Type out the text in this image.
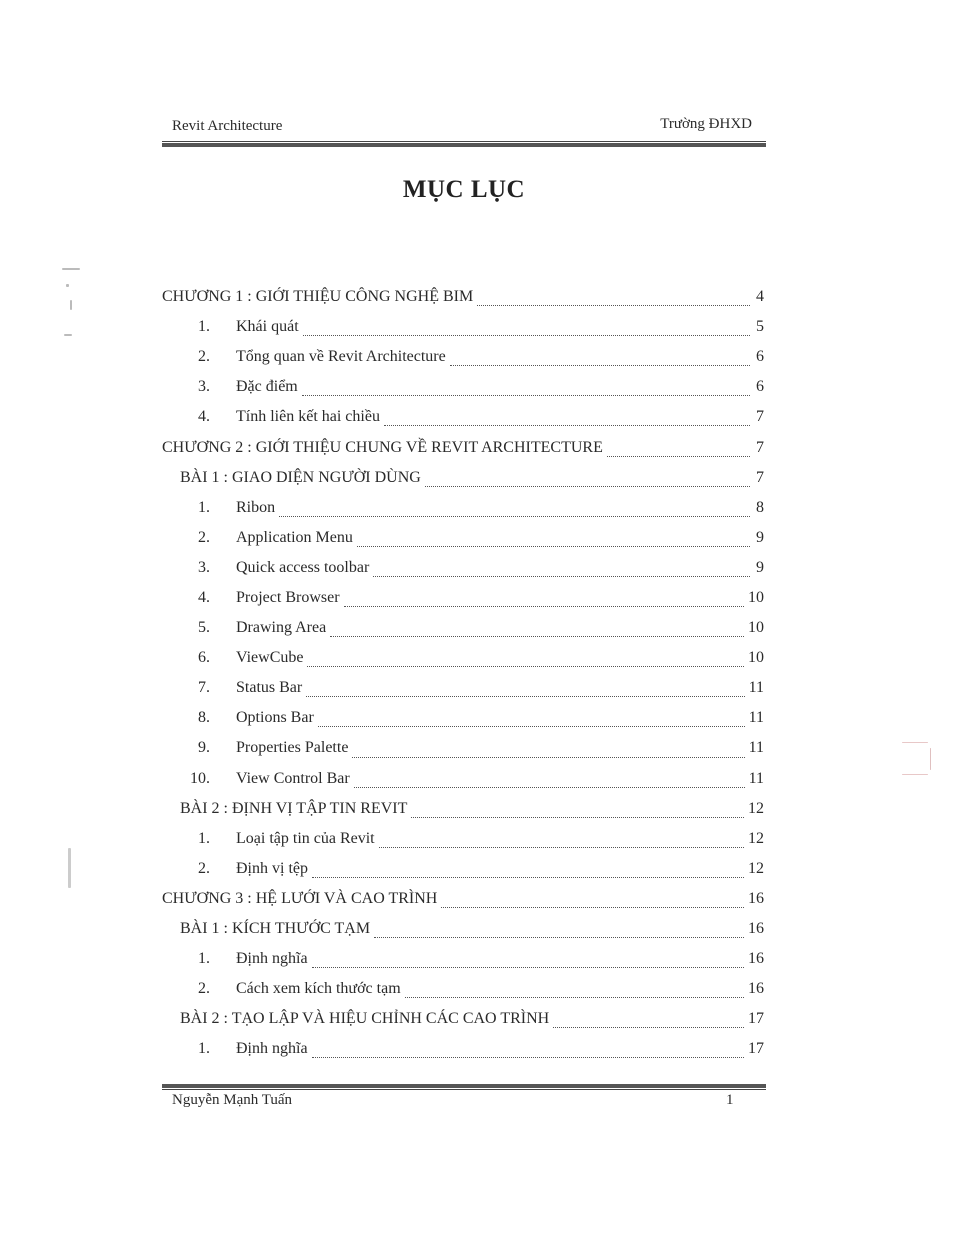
Revit Architecture	Trường ĐHXD
MỤC LỤC
CHƯƠNG 1 : GIỚI THIỆU CÔNG NGHỆ BIM	4
1. Khái quát	5
2. Tổng quan về Revit Architecture	6
3. Đặc điểm	6
4. Tính liên kết hai chiều	7
CHƯƠNG 2 : GIỚI THIỆU CHUNG VỀ REVIT ARCHITECTURE	7
BÀI 1 : GIAO DIỆN NGƯỜI DÙNG	7
1. Ribon	8
2. Application Menu	9
3. Quick access toolbar	9
4. Project Browser	10
5. Drawing Area	10
6. ViewCube	10
7. Status Bar	11
8. Options Bar	11
9. Properties Palette	11
10. View Control Bar	11
BÀI 2 : ĐỊNH VỊ TẬP TIN REVIT	12
1. Loại tập tin của Revit	12
2. Định vị tệp	12
CHƯƠNG 3 : HỆ LƯỚI VÀ CAO TRÌNH	16
BÀI 1 : KÍCH THƯỚC TẠM	16
1. Định nghĩa	16
2. Cách xem kích thước tạm	16
BÀI 2 : TẠO LẬP VÀ HIỆU CHỈNH CÁC CAO TRÌNH	17
1. Định nghĩa	17
Nguyễn Mạnh Tuấn	1
